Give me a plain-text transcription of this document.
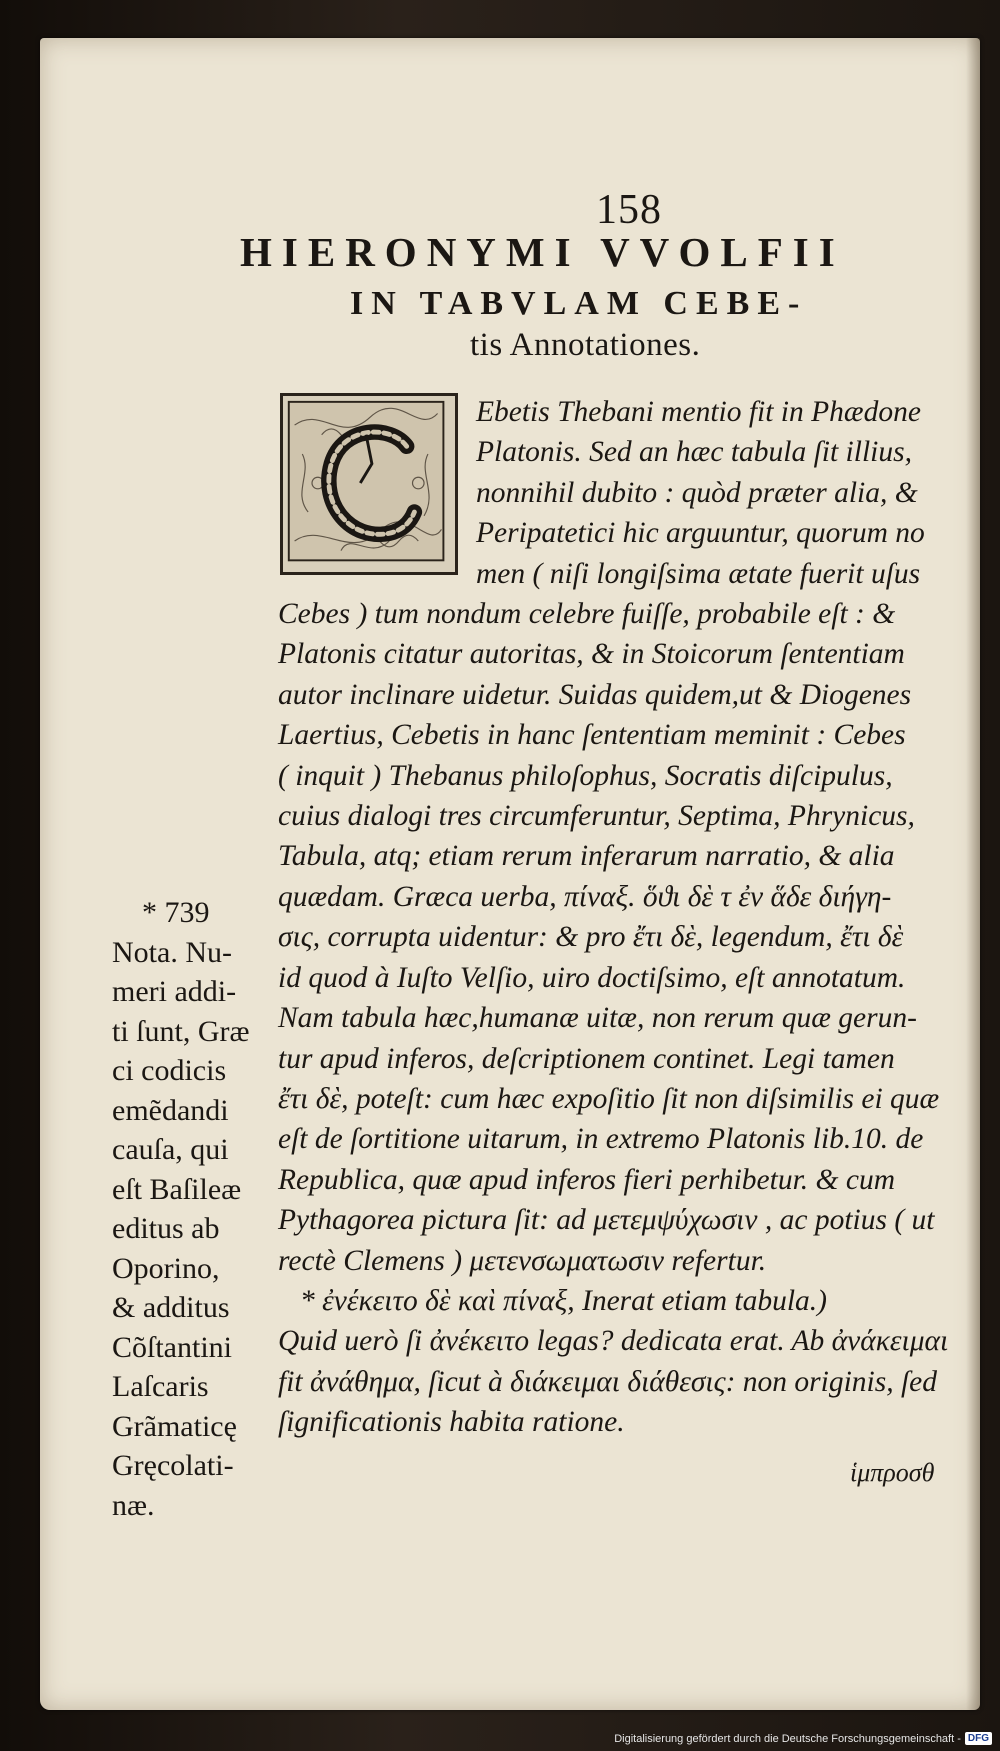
158
HIERONYMI VVOLFII
IN TABVLAM CEBE-
tis Annotationes.
Ebetis Thebani mentio fit in Phædone
Platonis. Sed an hæc tabula ſit illius,
nonnihil dubito : quòd præter alia, &
Peripatetici hic arguuntur, quorum no
men ( niſi longiſsima ætate fuerit uſus
Cebes ) tum nondum celebre fuiſſe, probabile eſt : &
Platonis citatur autoritas, & in Stoicorum ſententiam
autor inclinare uidetur. Suidas quidem,ut & Diogenes
Laertius, Cebetis in hanc ſententiam meminit : Cebes
( inquit ) Thebanus philoſophus, Socratis diſcipulus,
cuius dialogi tres circumferuntur, Septima, Phrynicus,
Tabula, atq; etiam rerum inferarum narratio, & alia
quædam. Græca uerba, πίναξ. ὅϑι δὲ τ ἐν ἅδε διήγη-
σις, corrupta uidentur: & pro ἔτι δὲ, legendum, ἔτι δὲ
id quod à Iuſto Velſio, uiro doctiſsimo, eſt annotatum.
Nam tabula hæc,humanæ uitæ, non rerum quæ gerun-
tur apud inferos, deſcriptionem continet. Legi tamen
ἔτι δὲ, poteſt: cum hæc expoſitio ſit non diſsimilis ei quæ
eſt de ſortitione uitarum, in extremo Platonis lib.10. de
Republica, quæ apud inferos fieri perhibetur. & cum
Pythagorea pictura ſit: ad μετεμψύχωσιν , ac potius ( ut
rectè Clemens ) μετενσωματωσιν refertur.
* ἐνέκειτο δὲ καὶ πίναξ, Inerat etiam tabula.)
Quid uerò ſi ἀνέκειτο legas? dedicata erat. Ab ἀνάκειμαι
fit ἀνάθημα, ſicut à διάκειμαι διάθεσις: non originis, ſed
ſignificationis habita ratione.
* 739
Nota. Nu-
meri addi-
ti ſunt, Græ
ci codicis
emẽdandi
cauſa, qui
eſt Baſileæ
editus ab
Oporino,
& additus
Cõſtantini
Laſcaris
Grãmaticę
Gręcolati-
næ.
ἱμπροσθ
Digitalisierung gefördert durch die Deutsche Forschungsgemeinschaft - DFG
